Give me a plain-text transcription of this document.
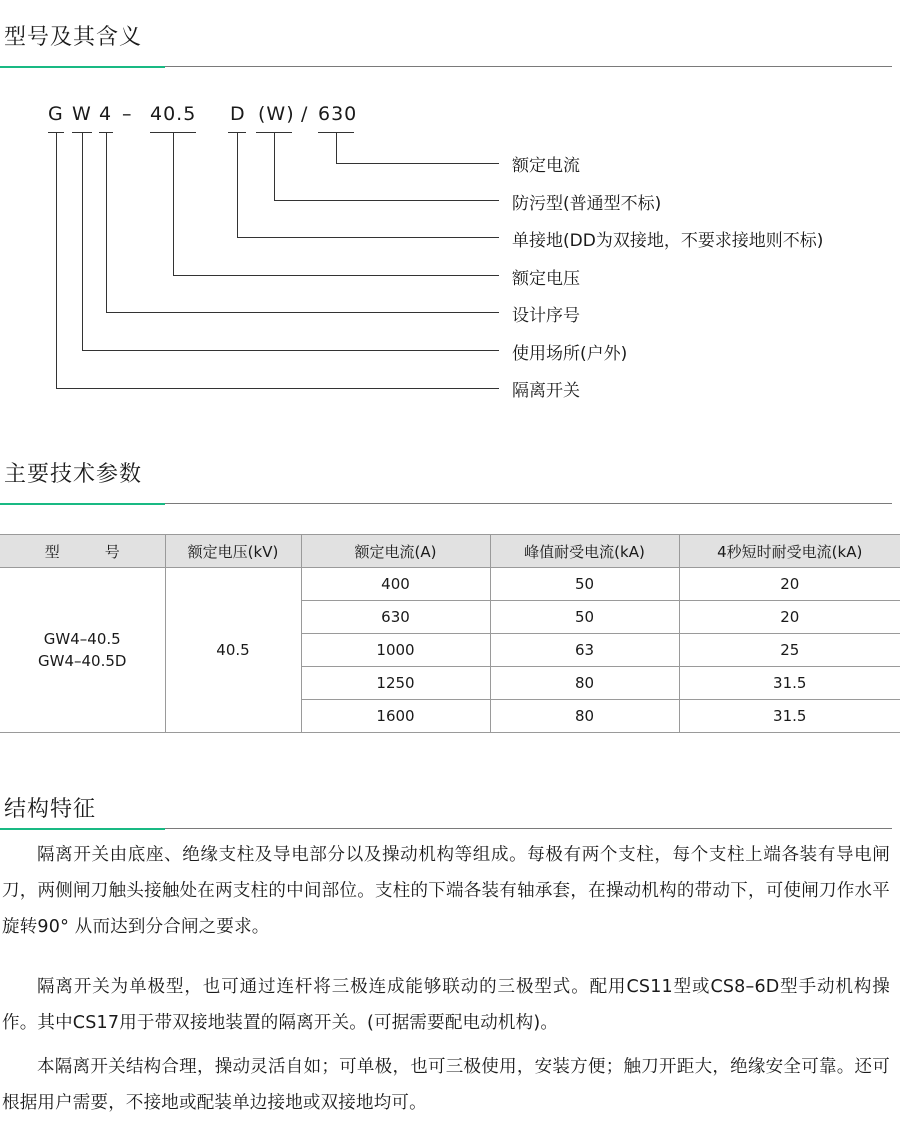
型号及其含义
G W 4 – 40.5 D (W) / 630
额定电流
防污型(普通型不标)
单接地(DD为双接地，不要求接地则不标)
额定电压
设计序号
使用场所(户外)
隔离开关
主要技术参数
型　　　号	额定电压(kV)	额定电流(A)	峰值耐受电流(kA)	4秒短时耐受电流(kA)

GW4–40.5
GW4–40.5D	40.5	400	50	20
		630	50	20
		1000	63	25
		1250	80	31.5
		1600	80	31.5
结构特征

隔离开关由底座、绝缘支柱及导电部分以及操动机构等组成。每极有两个支柱，每个支柱上端各装有导电闸刀，两侧闸刀触头接触处在两支柱的中间部位。支柱的下端各装有轴承套，在操动机构的带动下，可使闸刀作水平旋转90° 从而达到分合闸之要求。

隔离开关为单极型，也可通过连杆将三极连成能够联动的三极型式。配用CS11型或CS8–6D型手动机构操作。其中CS17用于带双接地装置的隔离开关。(可据需要配电动机构)。

本隔离开关结构合理，操动灵活自如；可单极，也可三极使用，安装方便；触刀开距大，绝缘安全可靠。还可根据用户需要，不接地或配装单边接地或双接地均可。
